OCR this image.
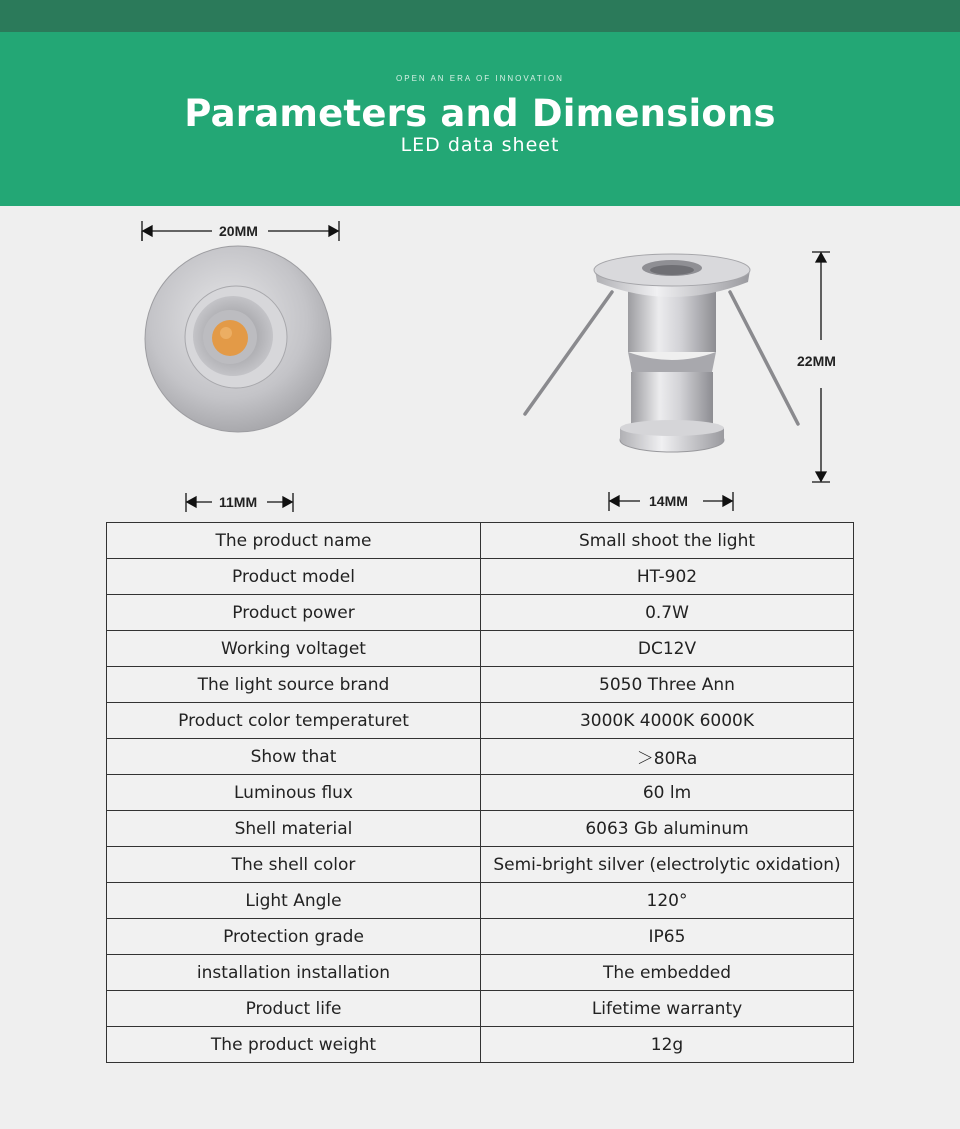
OPEN AN ERA OF INNOVATION
Parameters and Dimensions
LED data sheet
20MM
11MM
22MM
14MM
The product name	Small shoot the light
Product model	HT-902
Product power	0.7W
Working voltaget	DC12V
The light source brand	5050 Three Ann
Product color temperaturet	3000K 4000K 6000K
Show that	＞80Ra
Luminous flux	60 lm
Shell material	6063 Gb aluminum
The shell color	Semi-bright silver (electrolytic oxidation)
Light Angle	120°
Protection grade	IP65
installation installation	The embedded
Product life	Lifetime warranty
The product weight	12g
